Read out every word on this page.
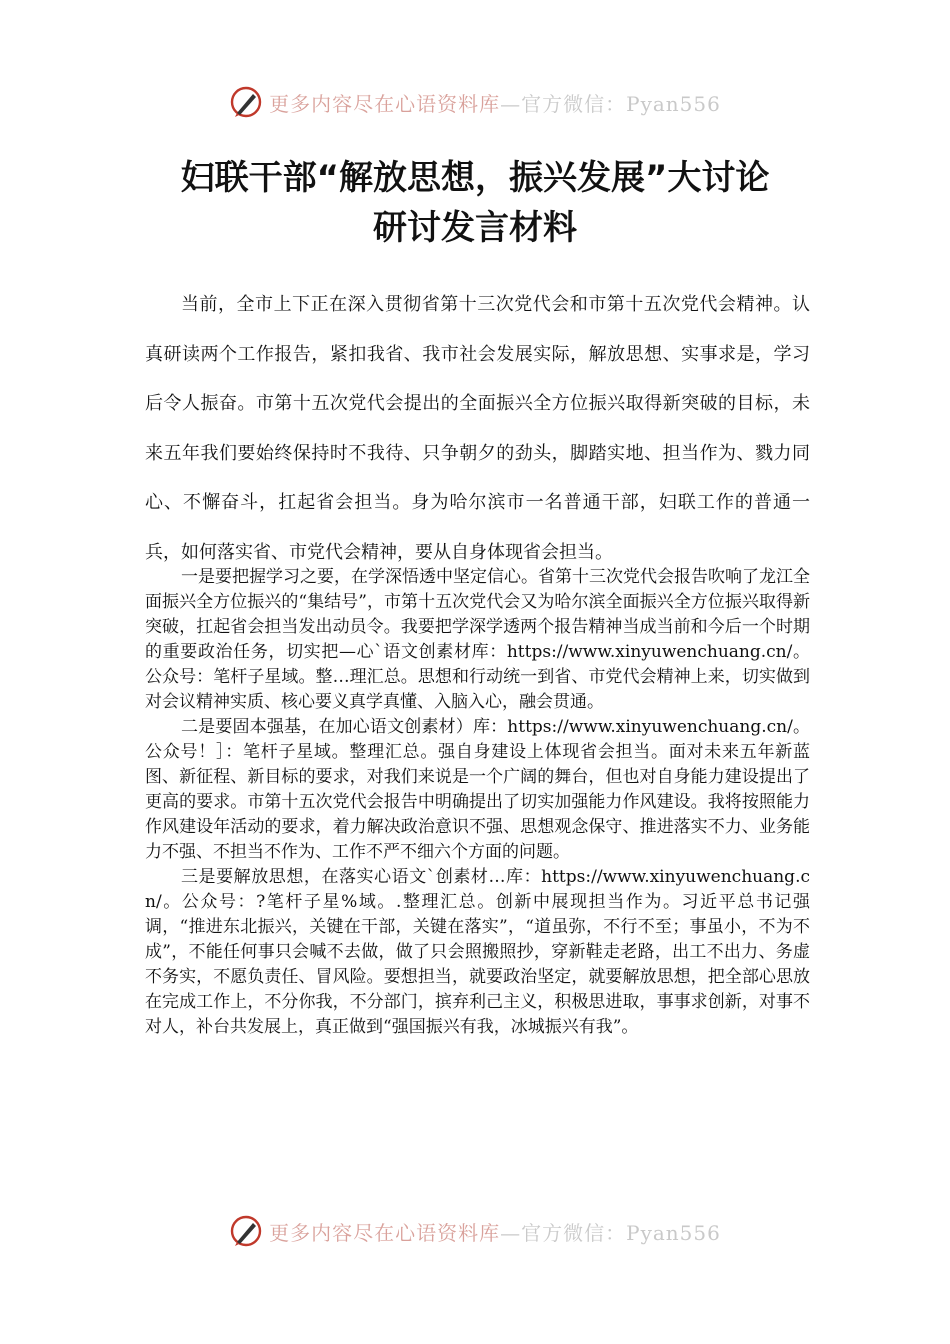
更多内容尽在心语资料库—官方微信：Pyan556
妇联干部“解放思想，振兴发展”大讨论
研讨发言材料

当前，全市上下正在深入贯彻省第十三次党代会和市第十五次党代会精神。认真研读两个工作报告，紧扣我省、我市社会发展实际，解放思想、实事求是，学习后令人振奋。市第十五次党代会提出的全面振兴全方位振兴取得新突破的目标，未来五年我们要始终保持时不我待、只争朝夕的劲头，脚踏实地、担当作为、戮力同心、不懈奋斗，扛起省会担当。身为哈尔滨市一名普通干部，妇联工作的普通一兵，如何落实省、市党代会精神，要从自身体现省会担当。

一是要把握学习之要，在学深悟透中坚定信心。省第十三次党代会报告吹响了龙江全面振兴全方位振兴的“集结号”，市第十五次党代会又为哈尔滨全面振兴全方位振兴取得新突破，扛起省会担当发出动员令。我要把学深学透两个报告精神当成当前和今后一个时期的重要政治任务，切实把—心`语文创素材库：https://www.xinyuwenchuang.cn/。公众号：笔杆子星域。整…理汇总。思想和行动统一到省、市党代会精神上来，切实做到对会议精神实质、核心要义真学真懂、入脑入心，融会贯通。

二是要固本强基，在加心语文创素材）库：https://www.xinyuwenchuang.cn/。公众号！］：笔杆子星域。整理汇总。强自身建设上体现省会担当。面对未来五年新蓝图、新征程、新目标的要求，对我们来说是一个广阔的舞台，但也对自身能力建设提出了更高的要求。市第十五次党代会报告中明确提出了切实加强能力作风建设。我将按照能力作风建设年活动的要求，着力解决政治意识不强、思想观念保守、推进落实不力、业务能力不强、不担当不作为、工作不严不细六个方面的问题。

三是要解放思想，在落实心语文`创素材…库：https://www.xinyuwenchuang.cn/。公众号：?笔杆子星%域。.整理汇总。创新中展现担当作为。习近平总书记强调，“推进东北振兴，关键在干部，关键在落实”，“道虽弥，不行不至；事虽小，不为不成”，不能任何事只会喊不去做，做了只会照搬照抄，穿新鞋走老路，出工不出力、务虚不务实，不愿负责任、冒风险。要想担当，就要政治坚定，就要解放思想，把全部心思放在完成工作上，不分你我，不分部门，摈弃利己主义，积极思进取，事事求创新，对事不对人，补台共发展上，真正做到“强国振兴有我，冰城振兴有我”。

更多内容尽在心语资料库—官方微信：Pyan556
